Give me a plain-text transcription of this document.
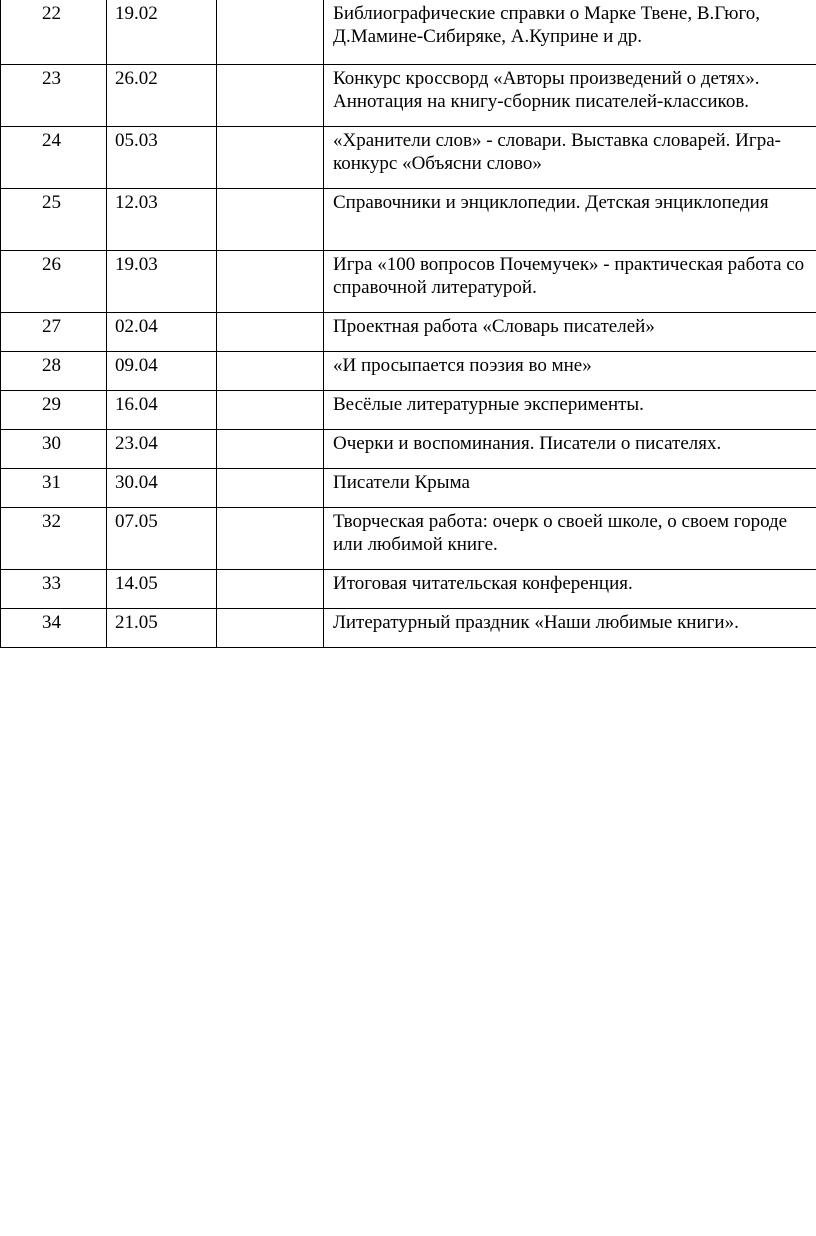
22	19.02		Библиографические справки о Марке Твене, В.Гюго, Д.Мамине-Сибиряке, А.Куприне и др.
23	26.02		Конкурс кроссворд «Авторы произведений о детях». Аннотация на книгу-сборник писателей-классиков.
24	05.03		«Хранители слов» - словари. Выставка словарей. Игра-конкурс «Объясни слово»
25	12.03		Справочники и энциклопедии. Детская энциклопедия
26	19.03		Игра «100 вопросов Почемучек» - практическая работа со справочной литературой.
27	02.04		Проектная работа «Словарь писателей»
28	09.04		«И просыпается поэзия во мне»
29	16.04		Весёлые литературные эксперименты.
30	23.04		Очерки и воспоминания. Писатели о писателях.
31	30.04		Писатели Крыма
32	07.05		Творческая работа: очерк о своей школе, о своем городе или любимой книге.
33	14.05		Итоговая читательская конференция.
34	21.05		Литературный праздник «Наши любимые книги».
